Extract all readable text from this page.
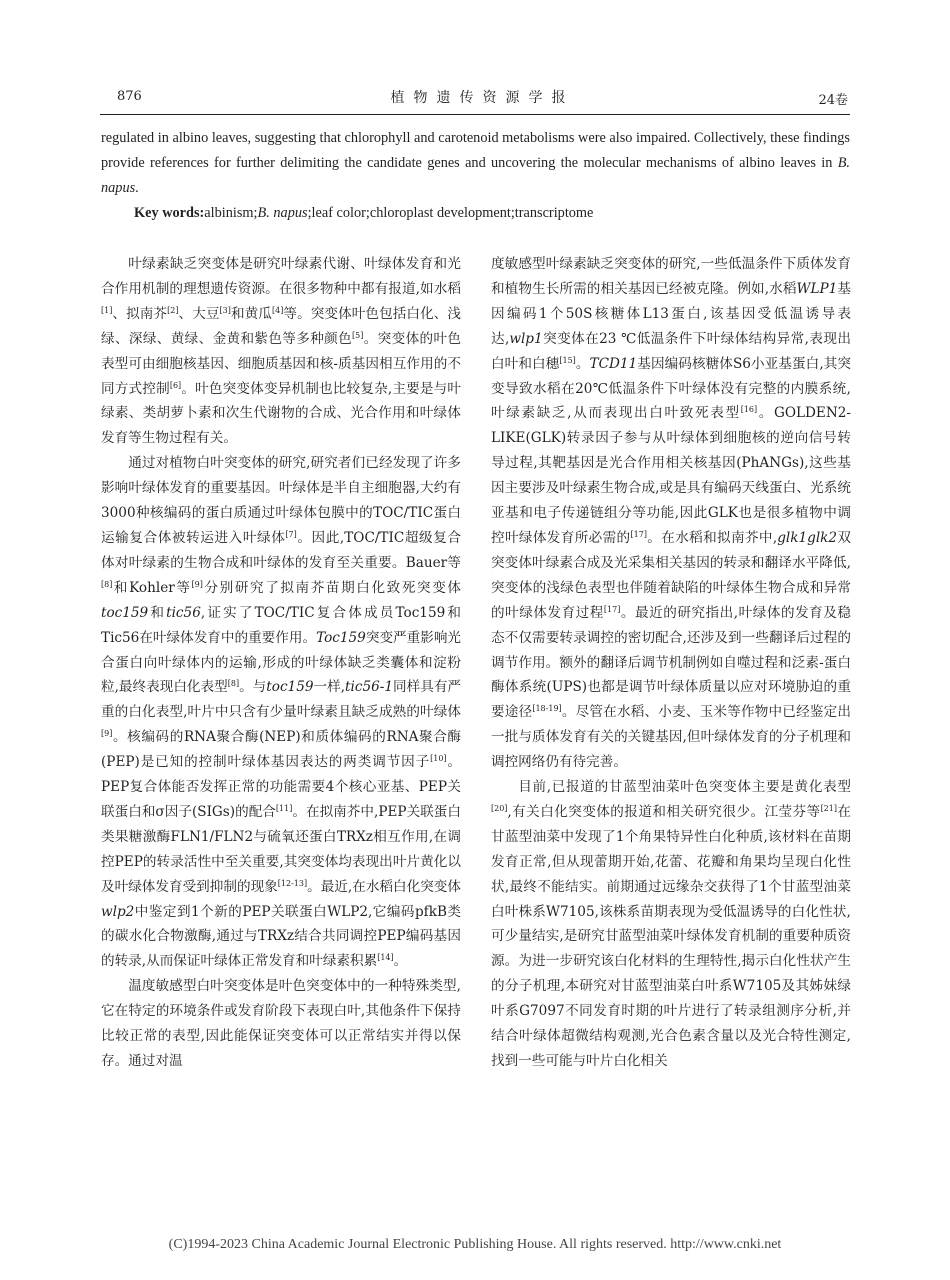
876	植物遗传资源学报	24卷

regulated in albino leaves, suggesting that chlorophyll and carotenoid metabolisms were also impaired. Collectively, these findings provide references for further delimiting the candidate genes and uncovering the molecular mechanisms of albino leaves in B. napus.

Key words:albinism;B. napus;leaf color;chloroplast development;transcriptome

叶绿素缺乏突变体是研究叶绿素代谢、叶绿体发育和光合作用机制的理想遗传资源。在很多物种中都有报道,如水稻[1]、拟南芥[2]、大豆[3]和黄瓜[4]等。突变体叶色包括白化、浅绿、深绿、黄绿、金黄和紫色等多种颜色[5]。突变体的叶色表型可由细胞核基因、细胞质基因和核-质基因相互作用的不同方式控制[6]。叶色突变体变异机制也比较复杂,主要是与叶绿素、类胡萝卜素和次生代谢物的合成、光合作用和叶绿体发育等生物过程有关。

通过对植物白叶突变体的研究,研究者们已经发现了许多影响叶绿体发育的重要基因。叶绿体是半自主细胞器,大约有3000种核编码的蛋白质通过叶绿体包膜中的TOC/TIC蛋白运输复合体被转运进入叶绿体[7]。因此,TOC/TIC超级复合体对叶绿素的生物合成和叶绿体的发育至关重要。Bauer等[8]和Kohler等[9]分别研究了拟南芥苗期白化致死突变体toc159和tic56,证实了TOC/TIC复合体成员Toc159和Tic56在叶绿体发育中的重要作用。Toc159突变严重影响光合蛋白向叶绿体内的运输,形成的叶绿体缺乏类囊体和淀粉粒,最终表现白化表型[8]。与toc159一样,tic56-1同样具有严重的白化表型,叶片中只含有少量叶绿素且缺乏成熟的叶绿体[9]。核编码的RNA聚合酶(NEP)和质体编码的RNA聚合酶(PEP)是已知的控制叶绿体基因表达的两类调节因子[10]。PEP复合体能否发挥正常的功能需要4个核心亚基、PEP关联蛋白和σ因子(SIGs)的配合[11]。在拟南芥中,PEP关联蛋白类果糖激酶FLN1/FLN2与硫氧还蛋白TRXz相互作用,在调控PEP的转录活性中至关重要,其突变体均表现出叶片黄化以及叶绿体发育受到抑制的现象[12-13]。最近,在水稻白化突变体wlp2中鉴定到1个新的PEP关联蛋白WLP2,它编码pfkB类的碳水化合物激酶,通过与TRXz结合共同调控PEP编码基因的转录,从而保证叶绿体正常发育和叶绿素积累[14]。

温度敏感型白叶突变体是叶色突变体中的一种特殊类型,它在特定的环境条件或发育阶段下表现白叶,其他条件下保持比较正常的表型,因此能保证突变体可以正常结实并得以保存。通过对温

度敏感型叶绿素缺乏突变体的研究,一些低温条件下质体发育和植物生长所需的相关基因已经被克隆。例如,水稻WLP1基因编码1个50S核糖体L13蛋白,该基因受低温诱导表达,wlp1突变体在23 ℃低温条件下叶绿体结构异常,表现出白叶和白穗[15]。TCD11基因编码核糖体S6小亚基蛋白,其突变导致水稻在20℃低温条件下叶绿体没有完整的内膜系统,叶绿素缺乏,从而表现出白叶致死表型[16]。GOLDEN2-LIKE(GLK)转录因子参与从叶绿体到细胞核的逆向信号转导过程,其靶基因是光合作用相关核基因(PhANGs),这些基因主要涉及叶绿素生物合成,或是具有编码天线蛋白、光系统亚基和电子传递链组分等功能,因此GLK也是很多植物中调控叶绿体发育所必需的[17]。在水稻和拟南芥中,glk1glk2双突变体叶绿素合成及光采集相关基因的转录和翻译水平降低,突变体的浅绿色表型也伴随着缺陷的叶绿体生物合成和异常的叶绿体发育过程[17]。最近的研究指出,叶绿体的发育及稳态不仅需要转录调控的密切配合,还涉及到一些翻译后过程的调节作用。额外的翻译后调节机制例如自噬过程和泛素-蛋白酶体系统(UPS)也都是调节叶绿体质量以应对环境胁迫的重要途径[18-19]。尽管在水稻、小麦、玉米等作物中已经鉴定出一批与质体发育有关的关键基因,但叶绿体发育的分子机理和调控网络仍有待完善。

目前,已报道的甘蓝型油菜叶色突变体主要是黄化表型[20],有关白化突变体的报道和相关研究很少。江莹芬等[21]在甘蓝型油菜中发现了1个角果特异性白化种质,该材料在苗期发育正常,但从现蕾期开始,花蕾、花瓣和角果均呈现白化性状,最终不能结实。前期通过远缘杂交获得了1个甘蓝型油菜白叶株系W7105,该株系苗期表现为受低温诱导的白化性状,可少量结实,是研究甘蓝型油菜叶绿体发育机制的重要种质资源。为进一步研究该白化材料的生理特性,揭示白化性状产生的分子机理,本研究对甘蓝型油菜白叶系W7105及其姊妹绿叶系G7097不同发育时期的叶片进行了转录组测序分析,并结合叶绿体超微结构观测,光合色素含量以及光合特性测定,找到一些可能与叶片白化相关

(C)1994-2023 China Academic Journal Electronic Publishing House. All rights reserved. http://www.cnki.net
